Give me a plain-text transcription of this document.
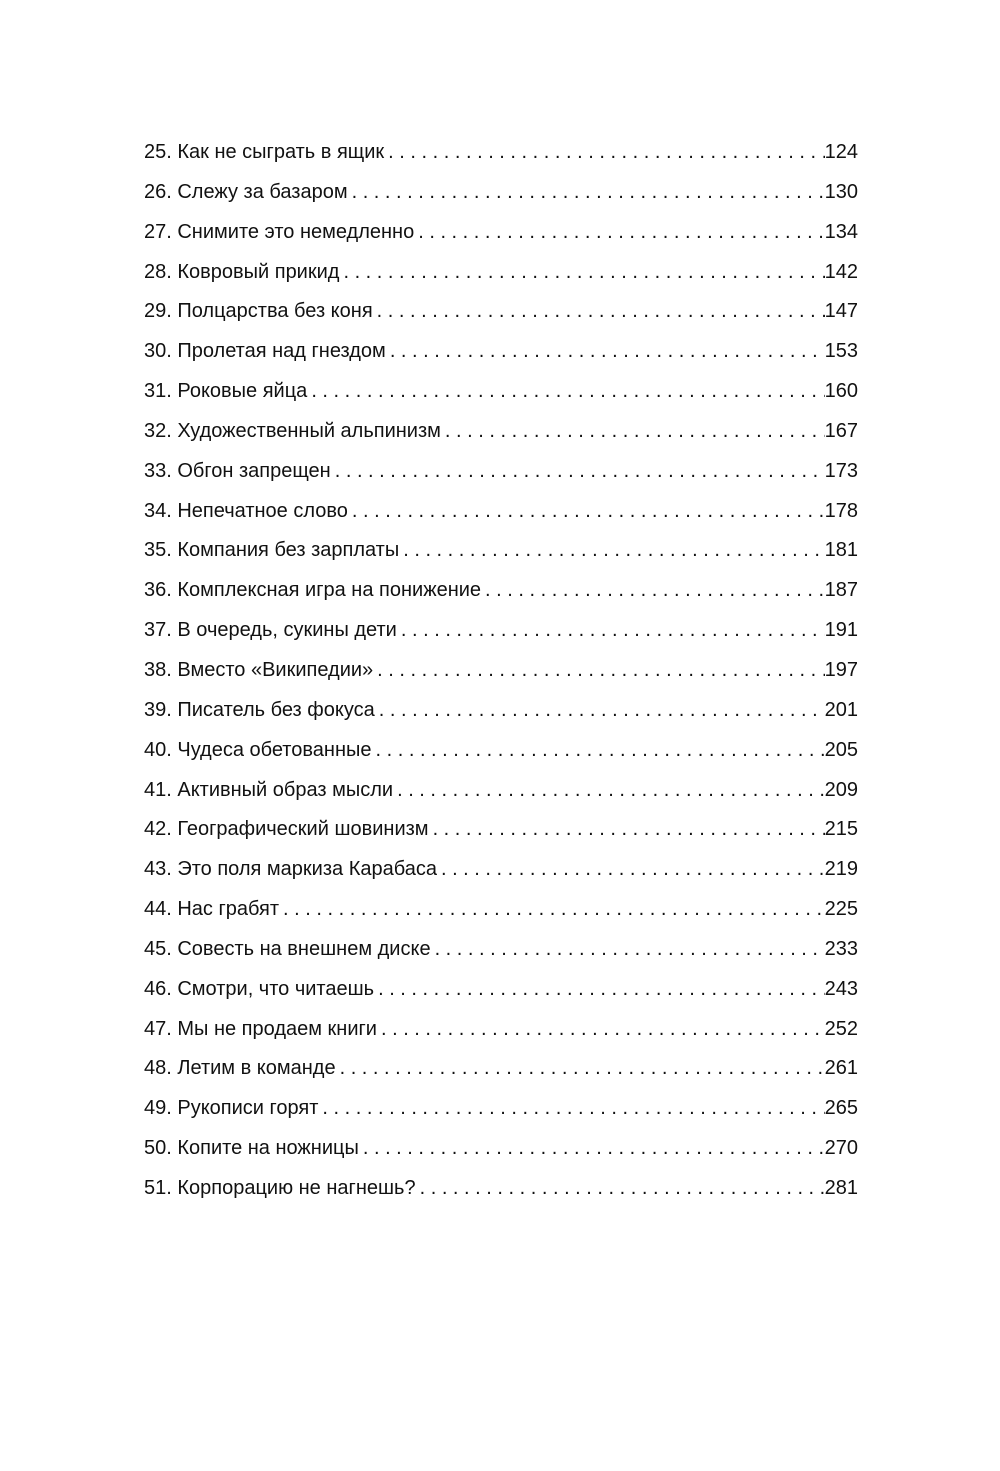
25. Как не сыграть в ящик . . .	124
26. Слежу за базаром . . .	130
27. Снимите это немедленно . . .	134
28. Ковровый прикид . . .	142
29. Полцарства без коня . . .	147
30. Пролетая над гнездом . . .	153
31. Роковые яйца . . .	160
32. Художественный альпинизм . . .	167
33. Обгон запрещен . . .	173
34. Непечатное слово . . .	178
35. Компания без зарплаты . . .	181
36. Комплексная игра на понижение . . .	187
37. В очередь, сукины дети . . .	191
38. Вместо «Википедии» . . .	197
39. Писатель без фокуса . . .	201
40. Чудеса обетованные . . .	205
41. Активный образ мысли . . .	209
42. Географический шовинизм . . .	215
43. Это поля маркиза Карабаса . . .	219
44. Нас грабят . . .	225
45. Совесть на внешнем диске . . .	233
46. Смотри, что читаешь . . .	243
47. Мы не продаем книги . . .	252
48. Летим в команде . . .	261
49. Рукописи горят . . .	265
50. Копите на ножницы . . .	270
51. Корпорацию не нагнешь? . . .	281
